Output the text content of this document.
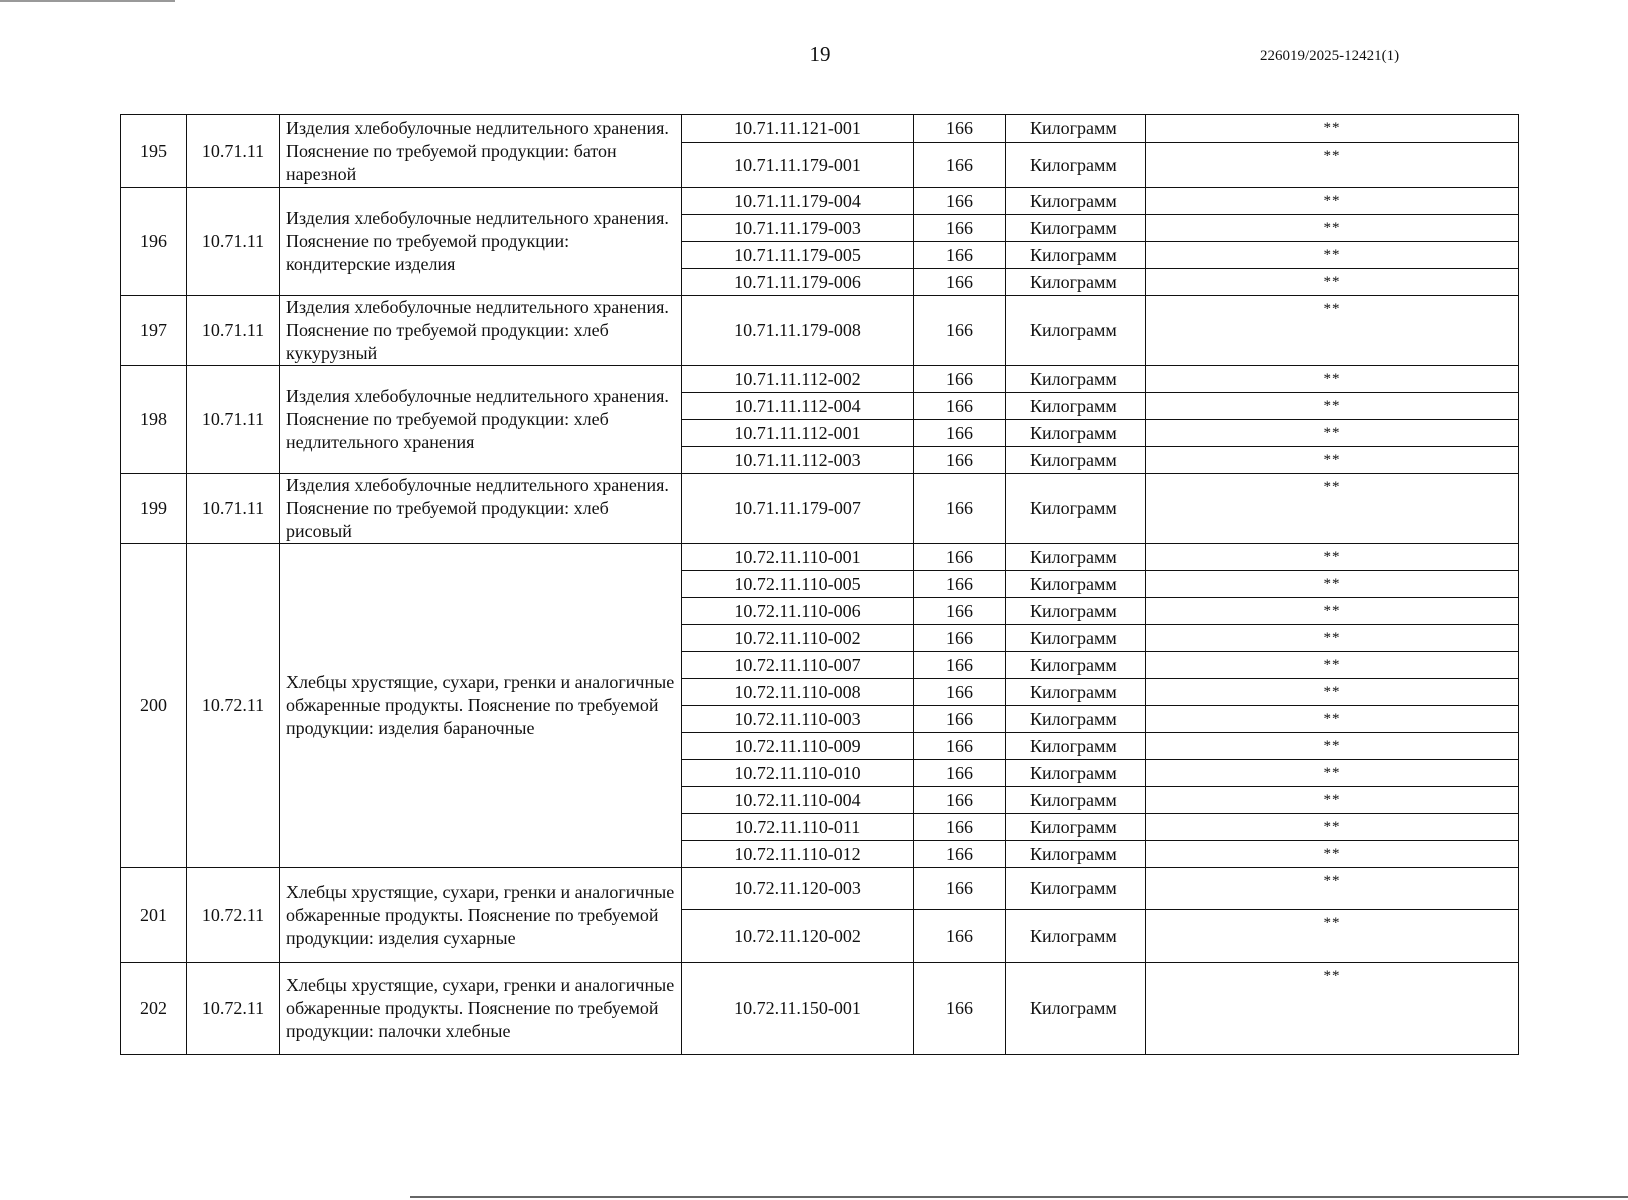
19	226019/2025-12421(1)
195	10.71.11	Изделия хлебобулочные недлительного хранения. Пояснение по требуемой продукции: батон нарезной	10.71.11.121-001	166	Килограмм	**
			10.71.11.179-001	166	Килограмм	**
196	10.71.11	Изделия хлебобулочные недлительного хранения. Пояснение по требуемой продукции: кондитерские изделия	10.71.11.179-004	166	Килограмм	**
			10.71.11.179-003	166	Килограмм	**
			10.71.11.179-005	166	Килограмм	**
			10.71.11.179-006	166	Килограмм	**
197	10.71.11	Изделия хлебобулочные недлительного хранения. Пояснение по требуемой продукции: хлеб кукурузный	10.71.11.179-008	166	Килограмм	**
198	10.71.11	Изделия хлебобулочные недлительного хранения. Пояснение по требуемой продукции: хлеб недлительного хранения	10.71.11.112-002	166	Килограмм	**
			10.71.11.112-004	166	Килограмм	**
			10.71.11.112-001	166	Килограмм	**
			10.71.11.112-003	166	Килограмм	**
199	10.71.11	Изделия хлебобулочные недлительного хранения. Пояснение по требуемой продукции: хлеб рисовый	10.71.11.179-007	166	Килограмм	**
200	10.72.11	Хлебцы хрустящие, сухари, гренки и аналогичные обжаренные продукты. Пояснение по требуемой продукции: изделия бараночные	10.72.11.110-001	166	Килограмм	**
			10.72.11.110-005	166	Килограмм	**
			10.72.11.110-006	166	Килограмм	**
			10.72.11.110-002	166	Килограмм	**
			10.72.11.110-007	166	Килограмм	**
			10.72.11.110-008	166	Килограмм	**
			10.72.11.110-003	166	Килограмм	**
			10.72.11.110-009	166	Килограмм	**
			10.72.11.110-010	166	Килограмм	**
			10.72.11.110-004	166	Килограмм	**
			10.72.11.110-011	166	Килограмм	**
			10.72.11.110-012	166	Килограмм	**
201	10.72.11	Хлебцы хрустящие, сухари, гренки и аналогичные обжаренные продукты. Пояснение по требуемой продукции: изделия сухарные	10.72.11.120-003	166	Килограмм	**
			10.72.11.120-002	166	Килограмм	**
202	10.72.11	Хлебцы хрустящие, сухари, гренки и аналогичные обжаренные продукты. Пояснение по требуемой продукции: палочки хлебные	10.72.11.150-001	166	Килограмм	**
